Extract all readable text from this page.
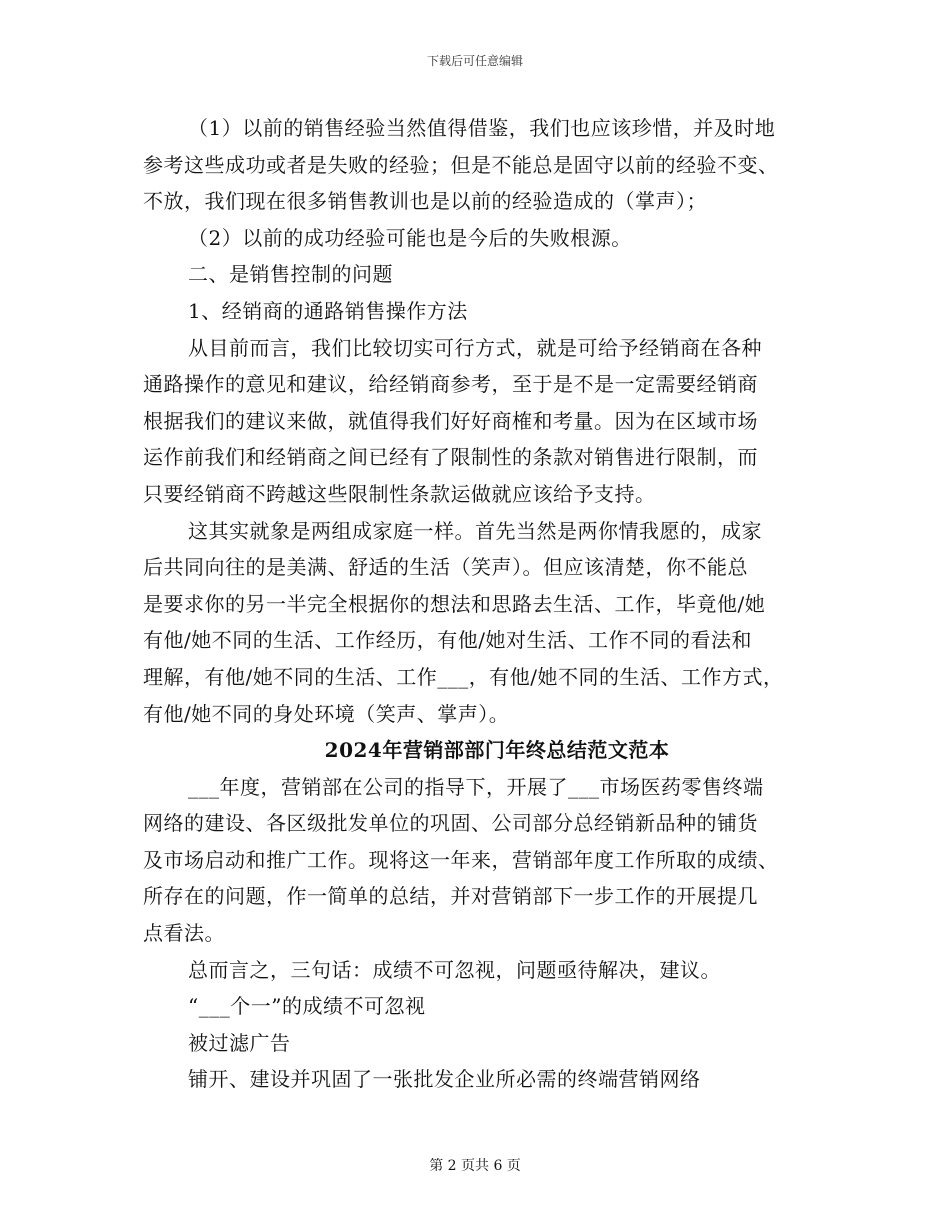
下载后可任意编辑
（1）以前的销售经验当然值得借鉴，我们也应该珍惜，并及时地
参考这些成功或者是失败的经验；但是不能总是固守以前的经验不变、
不放，我们现在很多销售教训也是以前的经验造成的（掌声）；
（2）以前的成功经验可能也是今后的失败根源。
二、是销售控制的问题
1、经销商的通路销售操作方法
从目前而言，我们比较切实可行方式，就是可给予经销商在各种
通路操作的意见和建议，给经销商参考，至于是不是一定需要经销商
根据我们的建议来做，就值得我们好好商榷和考量。因为在区域市场
运作前我们和经销商之间已经有了限制性的条款对销售进行限制，而
只要经销商不跨越这些限制性条款运做就应该给予支持。
这其实就象是两组成家庭一样。首先当然是两你情我愿的，成家
后共同向往的是美满、舒适的生活（笑声）。但应该清楚，你不能总
是要求你的另一半完全根据你的想法和思路去生活、工作，毕竟他/她
有他/她不同的生活、工作经历，有他/她对生活、工作不同的看法和
理解，有他/她不同的生活、工作___，有他/她不同的生活、工作方式，
有他/她不同的身处环境（笑声、掌声）。
2024年营销部部门年终总结范文范本
___年度，营销部在公司的指导下，开展了___市场医药零售终端
网络的建设、各区级批发单位的巩固、公司部分总经销新品种的铺货
及市场启动和推广工作。现将这一年来，营销部年度工作所取的成绩、
所存在的问题，作一简单的总结，并对营销部下一步工作的开展提几
点看法。
总而言之，三句话：成绩不可忽视，问题亟待解决，建议。
“___个一”的成绩不可忽视
被过滤广告
铺开、建设并巩固了一张批发企业所必需的终端营销网络
第 2 页共 6 页
